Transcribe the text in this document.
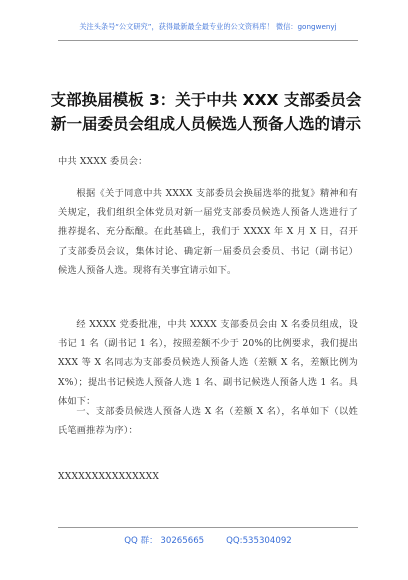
关注头条号“公文研究”，获得最新最全最专业的公文资料库！ 微信：gongwenyj
支部换届模板 3：关于中共 XXX 支部委员会新一届委员会组成人员候选人预备人选的请示
中共 XXXX 委员会：
根据《关于同意中共 XXXX 支部委员会换届选举的批复》精神和有关规定，我们组织全体党员对新一届党支部委员候选人预备人选进行了推荐提名、充分酝酿。在此基础上，我们于 XXXX 年 X 月 X 日，召开了支部委员会议，集体讨论、确定新一届委员会委员、书记（副书记）候选人预备人选。现将有关事宜请示如下。
经 XXXX 党委批准，中共 XXXX 支部委员会由 X 名委员组成，设书记 1 名（副书记 1 名），按照差额不少于 20%的比例要求，我们提出 XXX 等 X 名同志为支部委员候选人预备人选（差额 X 名，差额比例为 X%）；提出书记候选人预备人选 1 名、副书记候选人预备人选 1 名。具体如下：
一、支部委员候选人预备人选 X 名（差额 X 名），名单如下（以姓氏笔画推荐为序）：
XXXXXXXXXXXXXXX
QQ 群： 30265665	QQ:535304092
